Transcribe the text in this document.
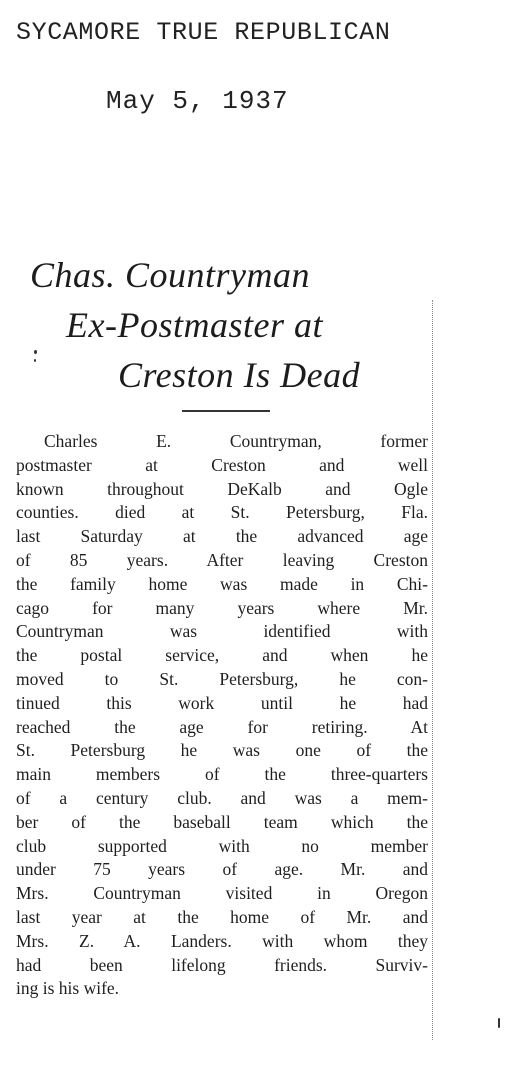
SYCAMORE TRUE REPUBLICAN
May 5, 1937
Chas. Countryman
Ex-Postmaster at
Creston Is Dead
Charles E. Countryman, former
postmaster at Creston and well
known throughout DeKalb and Ogle
counties. died at St. Petersburg, Fla.
last Saturday at the advanced age
of 85 years. After leaving Creston
the family home was made in Chi-
cago for many years where Mr.
Countryman was identified with
the postal service, and when he
moved to St. Petersburg, he con-
tinued this work until he had
reached the age for retiring. At
St. Petersburg he was one of the
main members of the three-quarters
of a century club. and was a mem-
ber of the baseball team which the
club supported with no member
under 75 years of age. Mr. and
Mrs. Countryman visited in Oregon
last year at the home of Mr. and
Mrs. Z. A. Landers. with whom they
had been lifelong friends. Surviv-
ing is his wife.
